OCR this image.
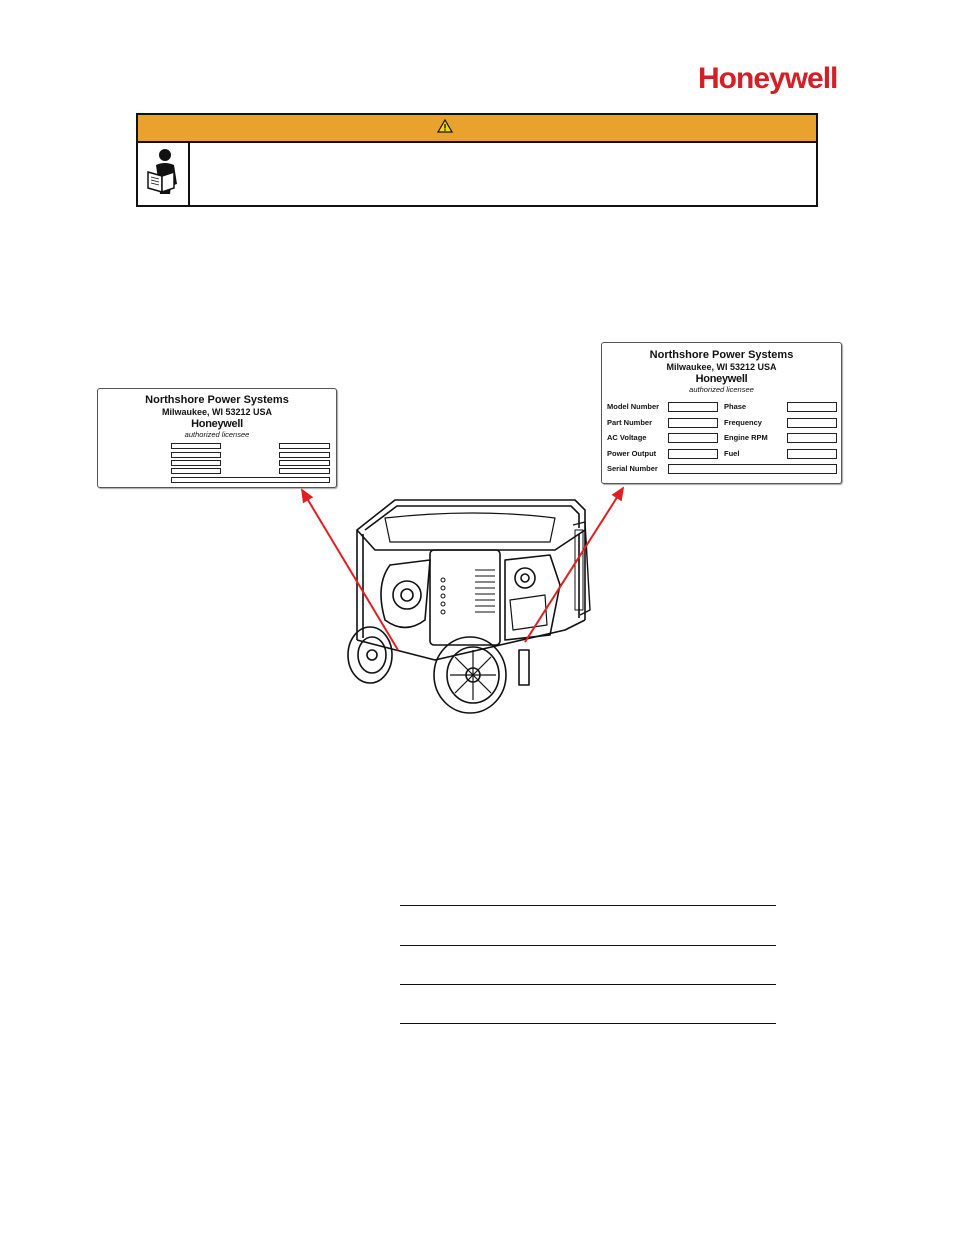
Honeywell
Northshore Power Systems
Milwaukee, WI 53212 USA
Honeywell
authorized licensee
Northshore Power Systems
Milwaukee, WI 53212 USA
Honeywell
authorized licensee
Model Number
Part Number
AC Voltage
Power Output
Serial Number
Phase
Frequency
Engine RPM
Fuel
